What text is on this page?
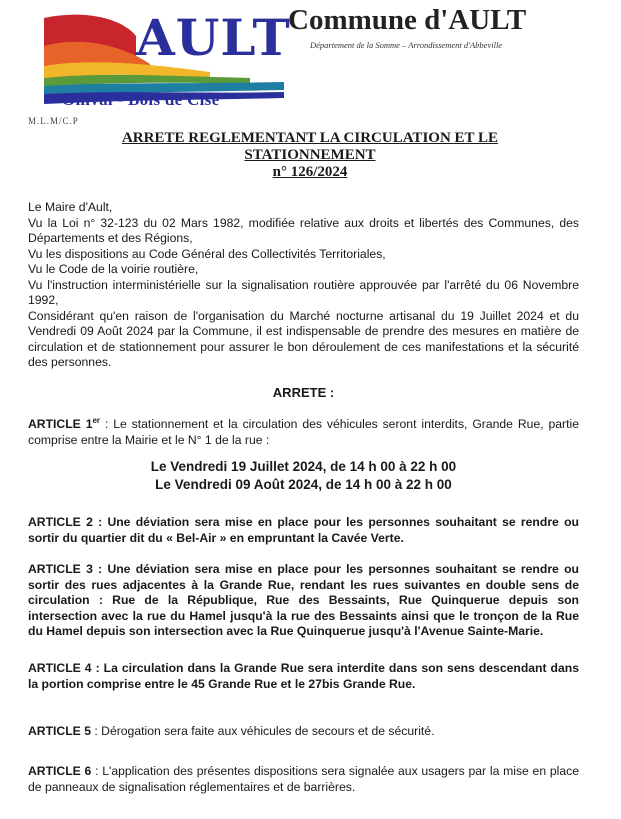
AULT
Onival - Bois de Cise
Commune d'AULT
Département de la Somme – Arrondissement d'Abbeville
M.L.M/C.P
ARRETE REGLEMENTANT LA CIRCULATION ET LE
STATIONNEMENT
n° 126/2024

Le Maire d'Ault,

Vu la Loi n° 32-123 du 02 Mars 1982, modifiée relative aux droits et libertés des Communes, des Départements et des Régions,

Vu les dispositions au Code Général des Collectivités Territoriales,

Vu le Code de la voirie routière,

Vu l'instruction interministérielle sur la signalisation routière approuvée par l'arrêté du 06 Novembre 1992,

Considérant qu'en raison de l'organisation du Marché nocturne artisanal du 19 Juillet 2024 et du Vendredi 09 Août 2024 par la Commune, il est indispensable de prendre des mesures en matière de circulation et de stationnement pour assurer le bon déroulement de ces manifestations et la sécurité des personnes.

ARRETE :
ARTICLE 1er : Le stationnement et la circulation des véhicules seront interdits, Grande Rue, partie comprise entre la Mairie et le N° 1 de la rue :
Le Vendredi 19 Juillet 2024, de 14 h 00 à 22 h 00
Le Vendredi 09 Août 2024, de 14 h 00 à 22 h 00
ARTICLE 2 : Une déviation sera mise en place pour les personnes souhaitant se rendre ou sortir du quartier dit du « Bel-Air » en empruntant la Cavée Verte.
ARTICLE 3 : Une déviation sera mise en place pour les personnes souhaitant se rendre ou sortir des rues adjacentes à la Grande Rue, rendant les rues suivantes en double sens de circulation : Rue de la République, Rue des Bessaints, Rue Quinquerue depuis son intersection avec la rue du Hamel jusqu'à la rue des Bessaints ainsi que le tronçon de la Rue du Hamel depuis son intersection avec la Rue Quinquerue jusqu'à l'Avenue Sainte-Marie.
ARTICLE 4 : La circulation dans la Grande Rue sera interdite dans son sens descendant dans la portion comprise entre le 45 Grande Rue et le 27bis Grande Rue.
ARTICLE 5 : Dérogation sera faite aux véhicules de secours et de sécurité.
ARTICLE 6 : L'application des présentes dispositions sera signalée aux usagers par la mise en place de panneaux de signalisation réglementaires et de barrières.
